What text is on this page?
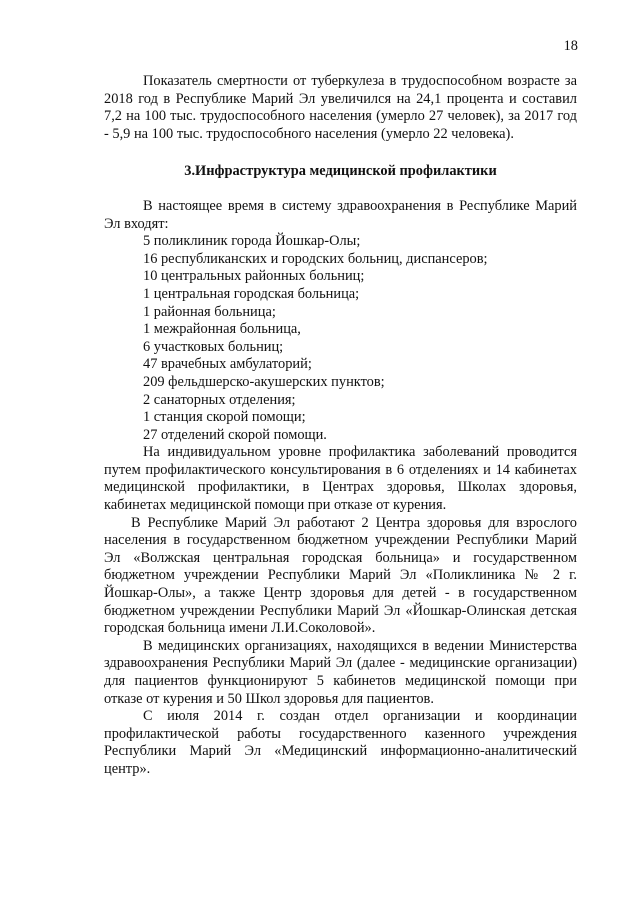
18

Показатель смертности от туберкулеза в трудоспособном возрасте за 2018 год в Республике Марий Эл увеличился на 24,1 процента и составил 7,2 на 100 тыс. трудоспособного населения (умерло 27 человек), за 2017 год - 5,9 на 100 тыс. трудоспособного населения (умерло 22 человека).

3.Инфраструктура медицинской профилактики

В настоящее время в систему здравоохранения в Республике Марий Эл входят:

5 поликлиник города Йошкар-Олы;
16 республиканских и городских больниц, диспансеров;
10 центральных районных больниц;
1 центральная городская больница;
1 районная больница;
1 межрайонная больница,
6 участковых больниц;
47 врачебных амбулаторий;
209 фельдшерско-акушерских пунктов;
2 санаторных отделения;
1 станция скорой помощи;
27 отделений скорой помощи.

На индивидуальном уровне профилактика заболеваний проводится путем профилактического консультирования в 6 отделениях и 14 кабинетах медицинской профилактики, в Центрах здоровья, Школах здоровья, кабинетах медицинской помощи при отказе от курения.

В Республике Марий Эл работают 2 Центра здоровья для взрослого населения в государственном бюджетном учреждении Республики Марий Эл «Волжская центральная городская больница» и государственном бюджетном учреждении Республики Марий Эл «Поликлиника № 2 г. Йошкар-Олы», а также Центр здоровья для детей - в государственном бюджетном учреждении Республики Марий Эл «Йошкар-Олинская детская городская больница имени Л.И.Соколовой».

В медицинских организациях, находящихся в ведении Министерства здравоохранения Республики Марий Эл (далее - медицинские организации) для пациентов функционируют 5 кабинетов медицинской помощи при отказе от курения и 50 Школ здоровья для пациентов.

С июля 2014 г. создан отдел организации и координации профилактической работы государственного казенного учреждения Республики Марий Эл «Медицинский информационно-аналитический центр».
